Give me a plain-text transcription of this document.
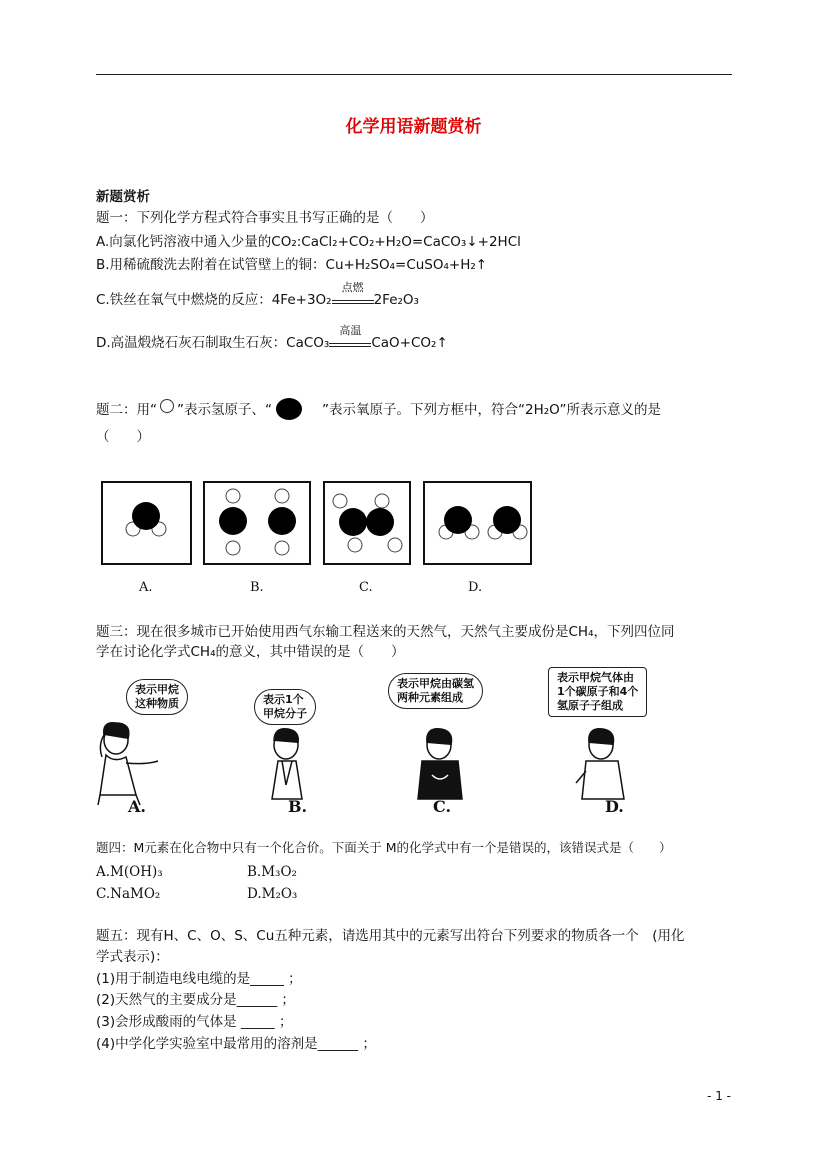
化学用语新题赏析
新题赏析
题一：下列化学方程式符合事实且书写正确的是（　　）
A.向氯化钙溶液中通入少量的CO₂:CaCl₂+CO₂+H₂O=CaCO₃↓+2HCl
B.用稀硫酸洗去附着在试管壁上的铜：Cu+H₂SO₄=CuSO₄+H₂↑
C.铁丝在氧气中燃烧的反应：4Fe+3O₂
点燃
2Fe₂O₃
D.高温煅烧石灰石制取生石灰：CaCO₃
高温
CaO+CO₂↑
题二：用“ ”表示氢原子、“	”表示氧原子。下列方框中，符合“2H₂O”所表示意义的是
（　　）
A.	B.	C.	D.
题三：现在很多城市已开始使用西气东输工程送来的天然气，天然气主要成份是CH₄，下列四位同
学在讨论化学式CH₄的意义，其中错误的是（　　）
表示甲烷
这种物质	表示1个
甲烷分子
表示甲烷由碳氢
两种元素组成
表示甲烷气体由
1个碳原子和4个
氢原子子组成
A.	B.	C.	D.
题四：M元素在化合物中只有一个化合价。下面关于 M的化学式中有一个是错误的，该错误式是（　　）
A.M(OH)₃	B.M₃O₂
C.NaMO₂	D.M₂O₃
题五：现有H、C、O、S、Cu五种元素，请选用其中的元素写出符台下列要求的物质各一个　(用化
学式表示)：
(1)用于制造电线电缆的是_____ ；
(2)天然气的主要成分是______ ；
(3)会形成酸雨的气体是 _____ ；
(4)中学化学实验室中最常用的溶剂是______ ；
- 1 -
